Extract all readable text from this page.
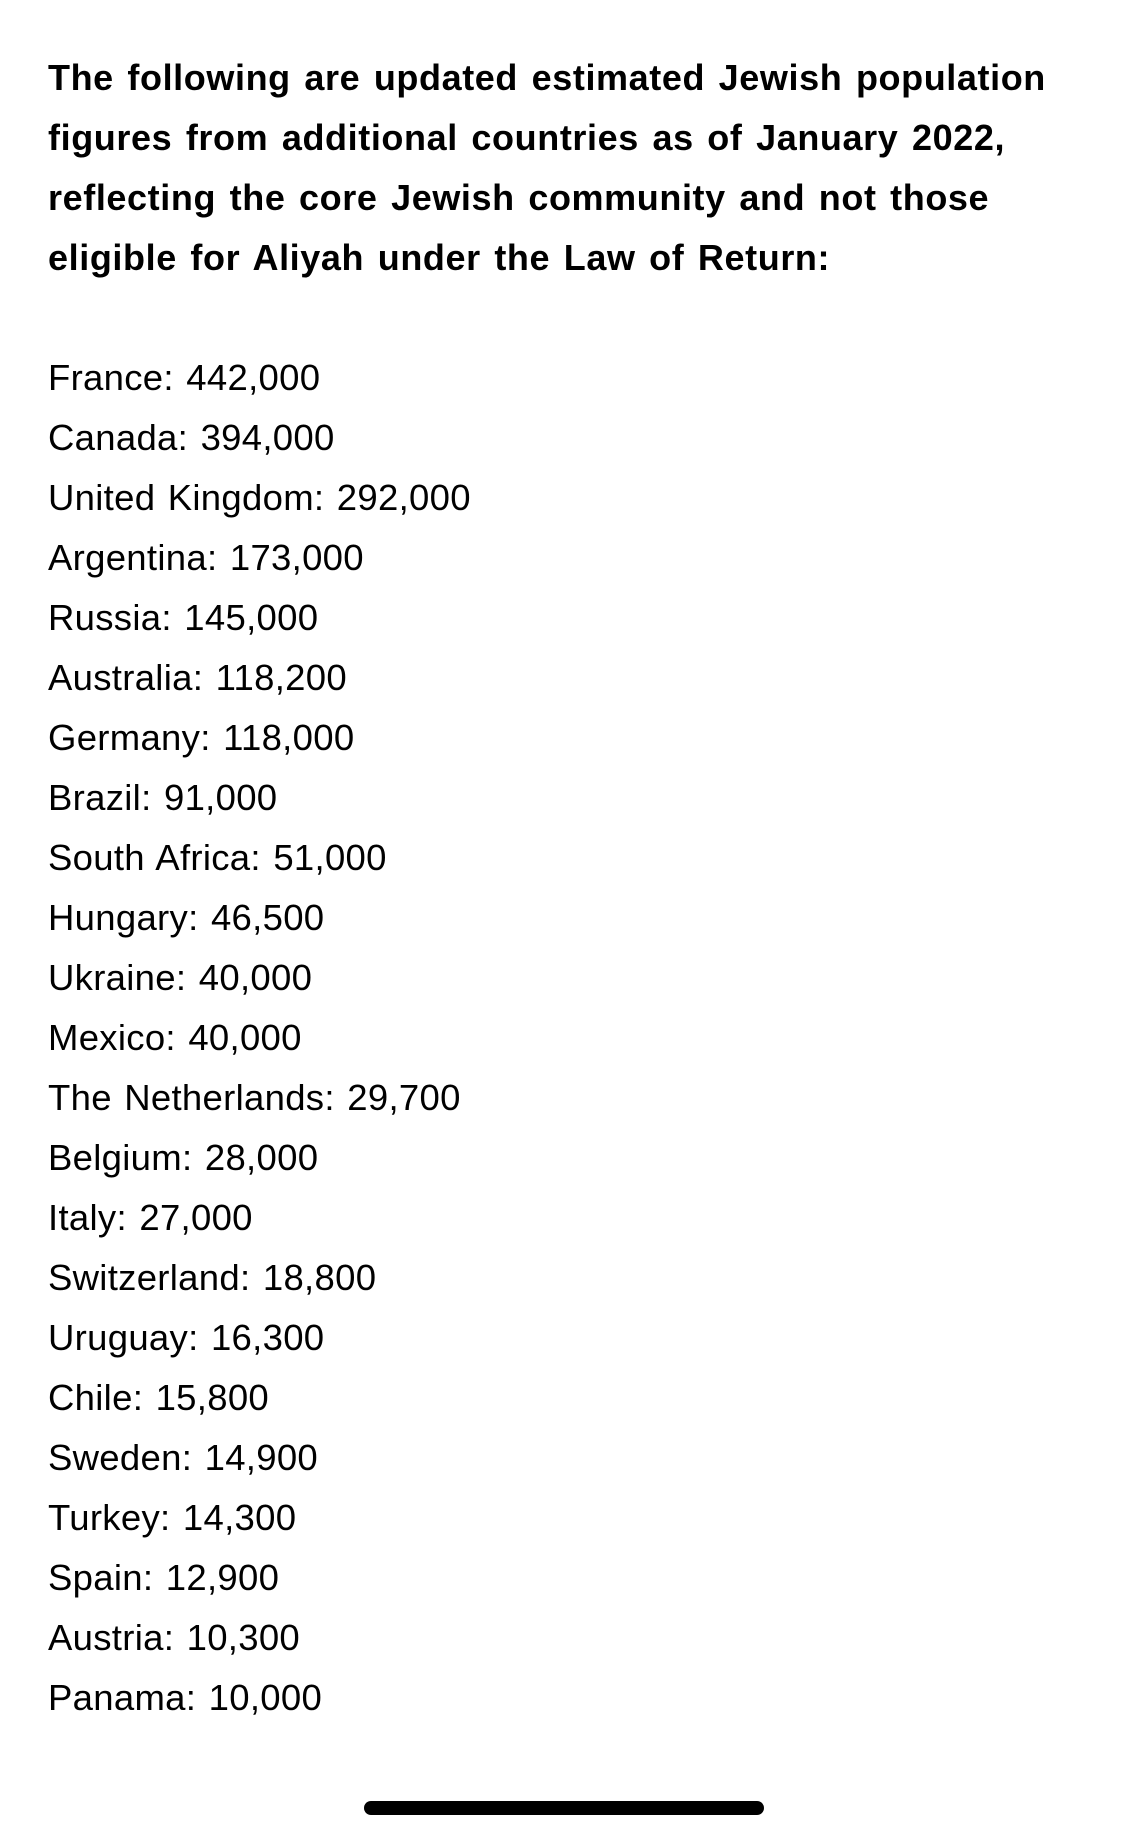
The following are updated estimated Jewish population figures from additional countries as of January 2022, reflecting the core Jewish community and not those eligible for Aliyah under the Law of Return:

France: 442,000
Canada: 394,000
United Kingdom: 292,000
Argentina: 173,000
Russia: 145,000
Australia: 118,200
Germany: 118,000
Brazil: 91,000
South Africa: 51,000
Hungary: 46,500
Ukraine: 40,000
Mexico: 40,000
The Netherlands: 29,700
Belgium: 28,000
Italy: 27,000
Switzerland: 18,800
Uruguay: 16,300
Chile: 15,800
Sweden: 14,900
Turkey: 14,300
Spain: 12,900
Austria: 10,300
Panama: 10,000
